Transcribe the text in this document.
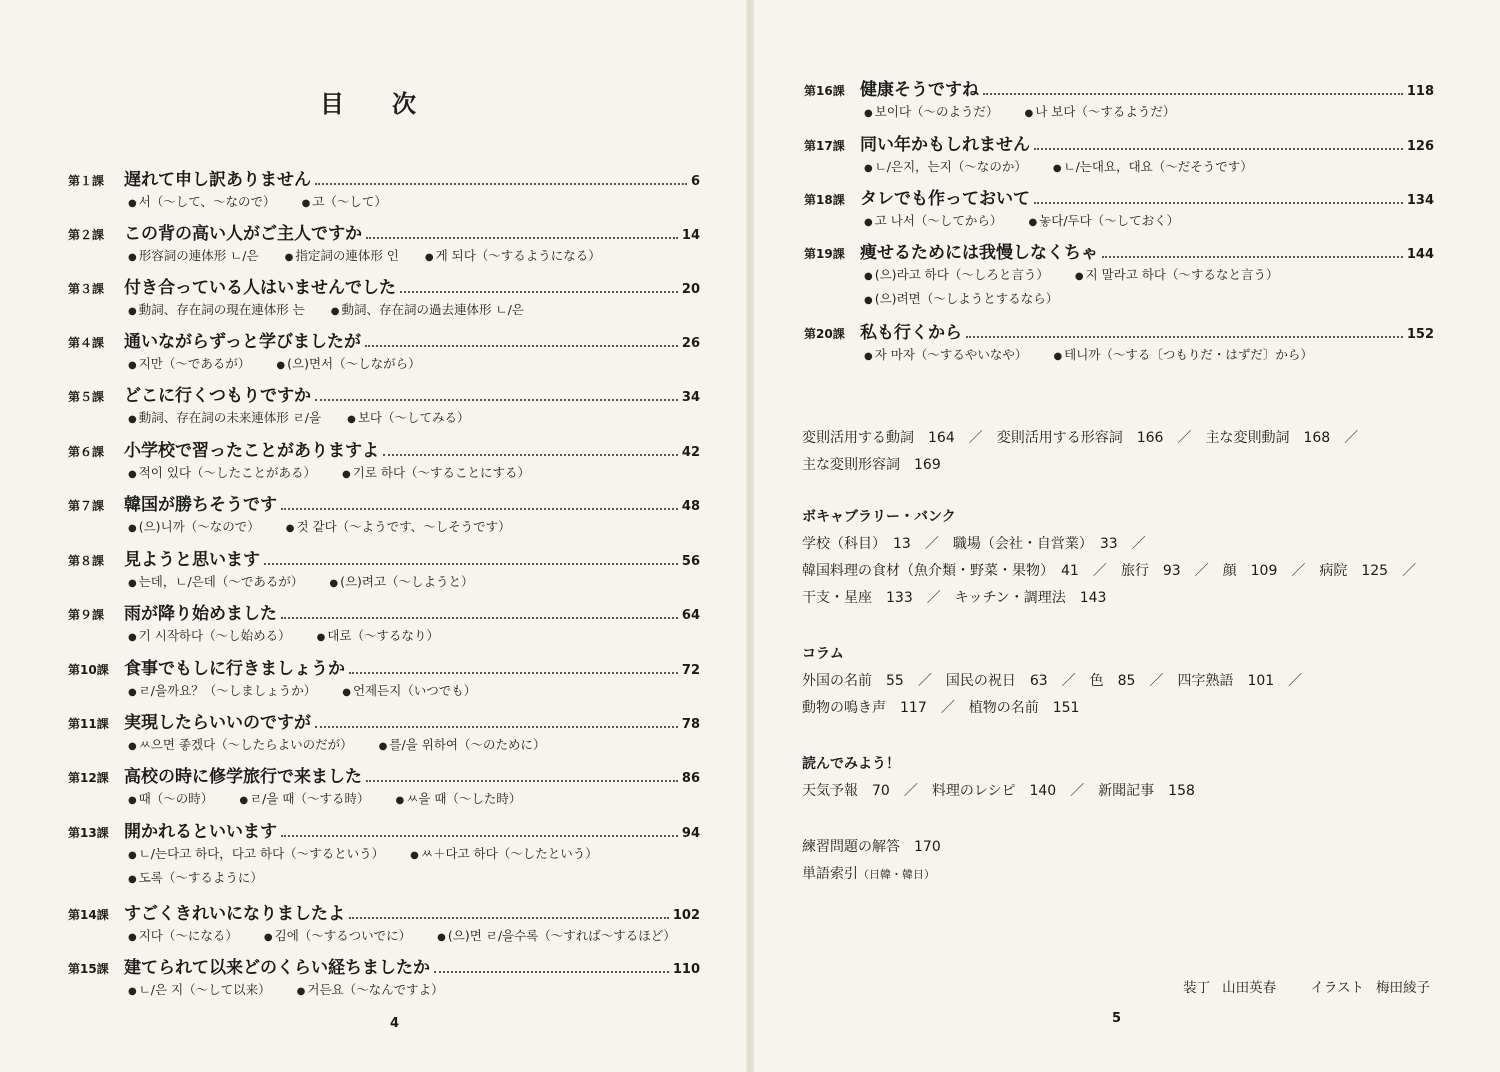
目　次
第１課	遅れて申し訳ありません	6
● 서（〜して、〜なので）	● 고（〜して）
第２課	この背の高い人がご主人ですか	14
● 形容詞の連体形 ㄴ/은	● 指定詞の連体形 인	● 게 되다（〜するようになる）
第３課	付き合っている人はいませんでした	20
● 動詞、存在詞の現在連体形 는	● 動詞、存在詞の過去連体形 ㄴ/은
第４課	通いながらずっと学びましたが	26
● 지만（〜であるが）	● (으)면서（〜しながら）
第５課	どこに行くつもりですか	34
● 動詞、存在詞の未来連体形 ㄹ/을	● 보다（〜してみる）
第６課	小学校で習ったことがありますよ	42
● 적이 있다（〜したことがある）	● 기로 하다（〜することにする）
第７課	韓国が勝ちそうです	48
● (으)니까（〜なので）	● 것 같다（〜ようです、〜しそうです）
第８課	見ようと思います	56
● 는데，ㄴ/은데（〜であるが）	● (으)려고（〜しようと）
第９課	雨が降り始めました	64
● 기 시작하다（〜し始める）	● 대로（〜するなり）
第10課 食事でもしに行きましょうか	72
● ㄹ/을까요？（〜しましょうか）	● 언제든지（いつでも）
第11課 実現したらいいのですが	78
● ㅆ으면 좋겠다（〜したらよいのだが）	● 를/을 위하여（〜のために）
第12課 高校の時に修学旅行で来ました	86
● 때（〜の時）	● ㄹ/을 때（〜する時）	● ㅆ을 때（〜した時）
第13課 開かれるといいます	94
● ㄴ/는다고 하다，다고 하다（〜するという）	● ㅆ＋다고 하다（〜したという）
● 도록（〜するように）
第14課 すごくきれいになりましたよ	102
● 지다（〜になる）	● 김에（〜するついでに）	● (으)면 ㄹ/을수록（〜すれば〜するほど）
第15課 建てられて以来どのくらい経ちましたか	110
● ㄴ/은 지（〜して以来）	● 거든요（〜なんですよ）
第16課 健康そうですね	118
● 보이다（〜のようだ）	● 나 보다（〜するようだ）
第17課 同い年かもしれません	126
● ㄴ/은지，는지（〜なのか）	● ㄴ/는대요，대요（〜だそうです）
第18課 タレでも作っておいて	134
● 고 나서（〜してから）	● 놓다/두다（〜しておく）
第19課 痩せるためには我慢しなくちゃ	144
● (으)라고 하다（〜しろと言う）	● 지 말라고 하다（〜するなと言う）
● (으)려면（〜しようとするなら）
第20課 私も行くから	152
● 자 마자（〜するやいなや）	● 테니까（〜する〔つもりだ・はずだ〕から）
変則活用する動詞　164　／　変則活用する形容詞　166　／　主な変則動詞　168　／
主な変則形容詞　169
ボキャブラリー・バンク
学校（科目）　13　／　職場（会社・自営業）　33　／
韓国料理の食材（魚介類・野菜・果物）　41　／　旅行　93　／　顔　109　／　病院　125　／
干支・星座　133　／　キッチン・調理法　143
コラム
外国の名前　55　／　国民の祝日　63　／　色　85　／　四字熟語　101　／
動物の鳴き声　117　／　植物の名前　151
読んでみよう！
天気予報　70　／　料理のレシピ　140　／　新聞記事　158
練習問題の解答　170
単語索引（日韓・韓日）
装丁 山田英春	イラスト 梅田綾子
4	5
